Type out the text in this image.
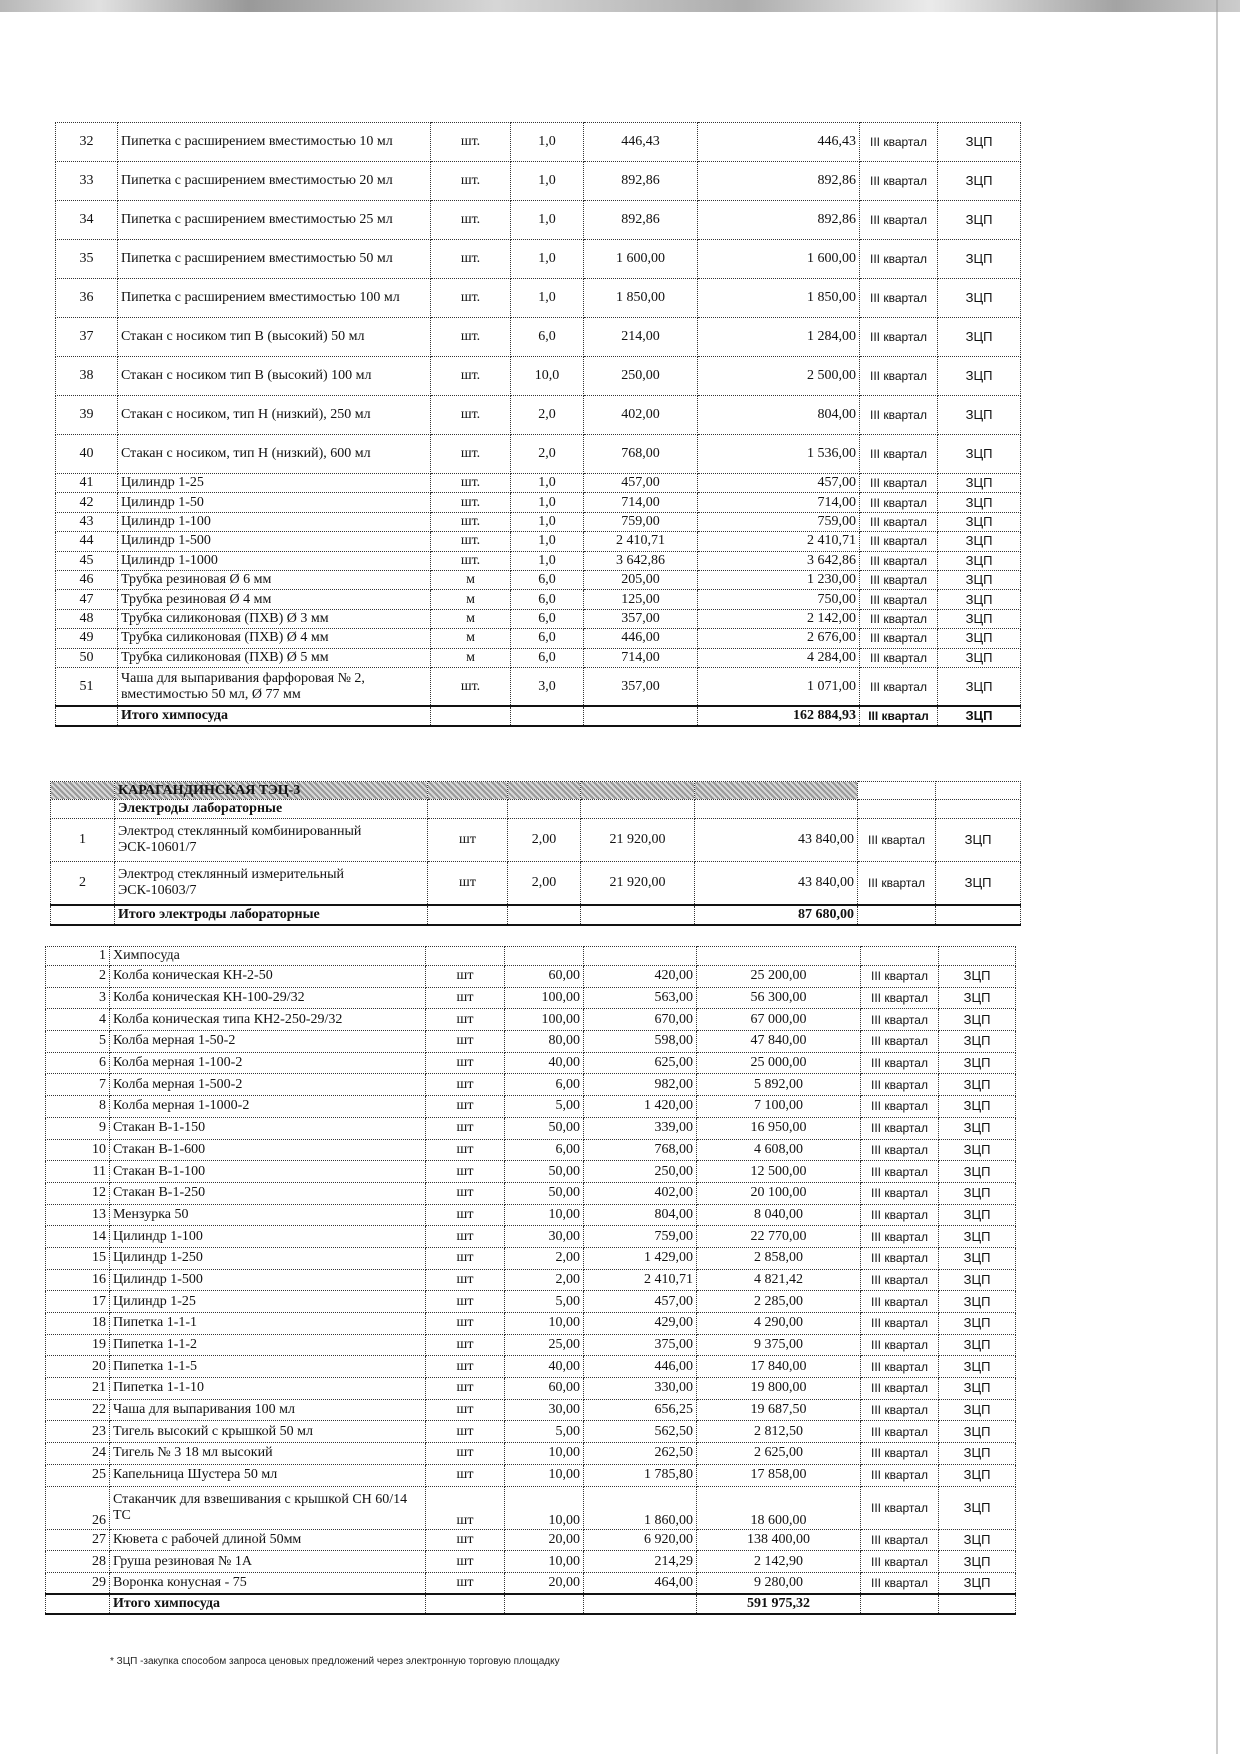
32	Пипетка с расширением вместимостью 10 мл	шт.	1,0	446,43	446,43	III квартал	ЗЦП
33	Пипетка с расширением вместимостью 20 мл	шт.	1,0	892,86	892,86	III квартал	ЗЦП
34	Пипетка с расширением вместимостью 25 мл	шт.	1,0	892,86	892,86	III квартал	ЗЦП
35	Пипетка с расширением вместимостью 50 мл	шт.	1,0	1 600,00	1 600,00	III квартал	ЗЦП
36	Пипетка с расширением вместимостью 100 мл	шт.	1,0	1 850,00	1 850,00	III квартал	ЗЦП
37	Стакан с носиком тип В (высокий) 50 мл	шт.	6,0	214,00	1 284,00	III квартал	ЗЦП
38	Стакан с носиком тип В (высокий) 100 мл	шт.	10,0	250,00	2 500,00	III квартал	ЗЦП
39	Стакан с носиком, тип Н (низкий), 250 мл	шт.	2,0	402,00	804,00	III квартал	ЗЦП
40	Стакан с носиком, тип Н (низкий), 600 мл	шт.	2,0	768,00	1 536,00	III квартал	ЗЦП
41	Цилиндр 1-25	шт.	1,0	457,00	457,00	III квартал	ЗЦП
42	Цилиндр 1-50	шт.	1,0	714,00	714,00	III квартал	ЗЦП
43	Цилиндр 1-100	шт.	1,0	759,00	759,00	III квартал	ЗЦП
44	Цилиндр 1-500	шт.	1,0	2 410,71	2 410,71	III квартал	ЗЦП
45	Цилиндр 1-1000	шт.	1,0	3 642,86	3 642,86	III квартал	ЗЦП
46	Трубка резиновая Ø 6 мм	м	6,0	205,00	1 230,00	III квартал	ЗЦП
47	Трубка резиновая Ø 4 мм	м	6,0	125,00	750,00	III квартал	ЗЦП
48	Трубка силиконовая (ПХВ) Ø 3 мм	м	6,0	357,00	2 142,00	III квартал	ЗЦП
49	Трубка силиконовая (ПХВ) Ø 4 мм	м	6,0	446,00	2 676,00	III квартал	ЗЦП
50	Трубка силиконовая (ПХВ) Ø 5 мм	м	6,0	714,00	4 284,00	III квартал	ЗЦП
51	Чаша для выпаривания фарфоровая № 2, вместимостью 50 мл, Ø 77 мм	шт.	3,0	357,00	1 071,00	III квартал	ЗЦП
	Итого химпосуда				162 884,93	III квартал	ЗЦП
	КАРАГАНДИНСКАЯ ТЭЦ-3						
	Электроды лабораторные						
1	Электрод стеклянный комбинированный ЭСК-10601/7	шт	2,00	21 920,00	43 840,00	III квартал	ЗЦП
2	Электрод стеклянный измерительный ЭСК-10603/7	шт	2,00	21 920,00	43 840,00	III квартал	ЗЦП
	Итого электроды лабораторные				87 680,00		
1	Химпосуда						
2	Колба коническая КН-2-50	шт	60,00	420,00	25 200,00	III квартал	ЗЦП
3	Колба коническая КН-100-29/32	шт	100,00	563,00	56 300,00	III квартал	ЗЦП
4	Колба коническая типа КН2-250-29/32	шт	100,00	670,00	67 000,00	III квартал	ЗЦП
5	Колба мерная 1-50-2	шт	80,00	598,00	47 840,00	III квартал	ЗЦП
6	Колба мерная 1-100-2	шт	40,00	625,00	25 000,00	III квартал	ЗЦП
7	Колба мерная 1-500-2	шт	6,00	982,00	5 892,00	III квартал	ЗЦП
8	Колба мерная 1-1000-2	шт	5,00	1 420,00	7 100,00	III квартал	ЗЦП
9	Стакан В-1-150	шт	50,00	339,00	16 950,00	III квартал	ЗЦП
10	Стакан В-1-600	шт	6,00	768,00	4 608,00	III квартал	ЗЦП
11	Стакан В-1-100	шт	50,00	250,00	12 500,00	III квартал	ЗЦП
12	Стакан В-1-250	шт	50,00	402,00	20 100,00	III квартал	ЗЦП
13	Мензурка 50	шт	10,00	804,00	8 040,00	III квартал	ЗЦП
14	Цилиндр 1-100	шт	30,00	759,00	22 770,00	III квартал	ЗЦП
15	Цилиндр 1-250	шт	2,00	1 429,00	2 858,00	III квартал	ЗЦП
16	Цилиндр 1-500	шт	2,00	2 410,71	4 821,42	III квартал	ЗЦП
17	Цилиндр 1-25	шт	5,00	457,00	2 285,00	III квартал	ЗЦП
18	Пипетка 1-1-1	шт	10,00	429,00	4 290,00	III квартал	ЗЦП
19	Пипетка 1-1-2	шт	25,00	375,00	9 375,00	III квартал	ЗЦП
20	Пипетка 1-1-5	шт	40,00	446,00	17 840,00	III квартал	ЗЦП
21	Пипетка 1-1-10	шт	60,00	330,00	19 800,00	III квартал	ЗЦП
22	Чаша для выпаривания 100 мл	шт	30,00	656,25	19 687,50	III квартал	ЗЦП
23	Тигель высокий с крышкой 50 мл	шт	5,00	562,50	2 812,50	III квартал	ЗЦП
24	Тигель № 3 18 мл высокий	шт	10,00	262,50	2 625,00	III квартал	ЗЦП
25	Капельница Шустера 50 мл	шт	10,00	1 785,80	17 858,00	III квартал	ЗЦП
26	Стаканчик для взвешивания с крышкой СН 60/14 ТС	шт	10,00	1 860,00	18 600,00	III квартал	ЗЦП
27	Кювета с рабочей длиной 50мм	шт	20,00	6 920,00	138 400,00	III квартал	ЗЦП
28	Груша резиновая № 1А	шт	10,00	214,29	2 142,90	III квартал	ЗЦП
29	Воронка конусная - 75	шт	20,00	464,00	9 280,00	III квартал	ЗЦП
	Итого химпосуда				591 975,32		
* ЗЦП -закупка способом запроса ценовых предложений через электронную торговую площадку
